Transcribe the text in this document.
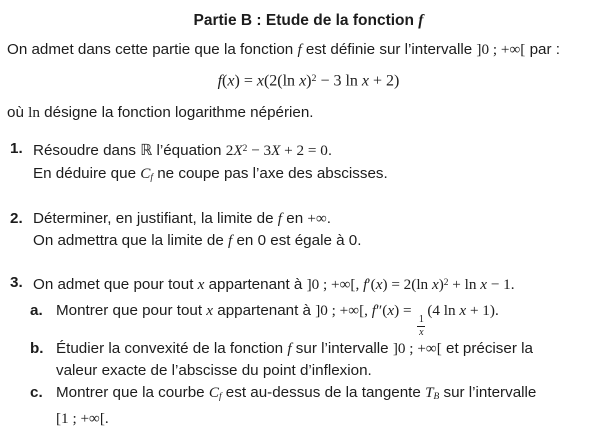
Partie B : Etude de la fonction f

On admet dans cette partie que la fonction f est définie sur l’intervalle ]0 ; +∞[ par :

f(x) = x(2(ln x)$^2$ − 3 ln x + 2)

où ln désigne la fonction logarithme népérien.

1. Résoudre dans ℝ l’équation $2X^2 - 3X + 2 = 0$.
En déduire que Cf ne coupe pas l’axe des abscisses.
2. Déterminer, en justifiant, la limite de f en +∞.
On admettra que la limite de f en 0 est égale à 0.
3. On admet que pour tout x appartenant à ]0 ; +∞[, f′(x) = 2(ln x)$^2$ + ln x − 1.
a. Montrer que pour tout x appartenant à ]0 ; +∞[, f″(x) =
$\frac{1}{x}$
(4 ln x + 1).
b. Étudier la convexité de la fonction f sur l’intervalle ]0 ; +∞[ et préciser la
valeur exacte de l’abscisse du point d’inflexion.
c. Montrer que la courbe Cf est au-dessus de la tangente TB sur l’intervalle
[1 ; +∞[.
